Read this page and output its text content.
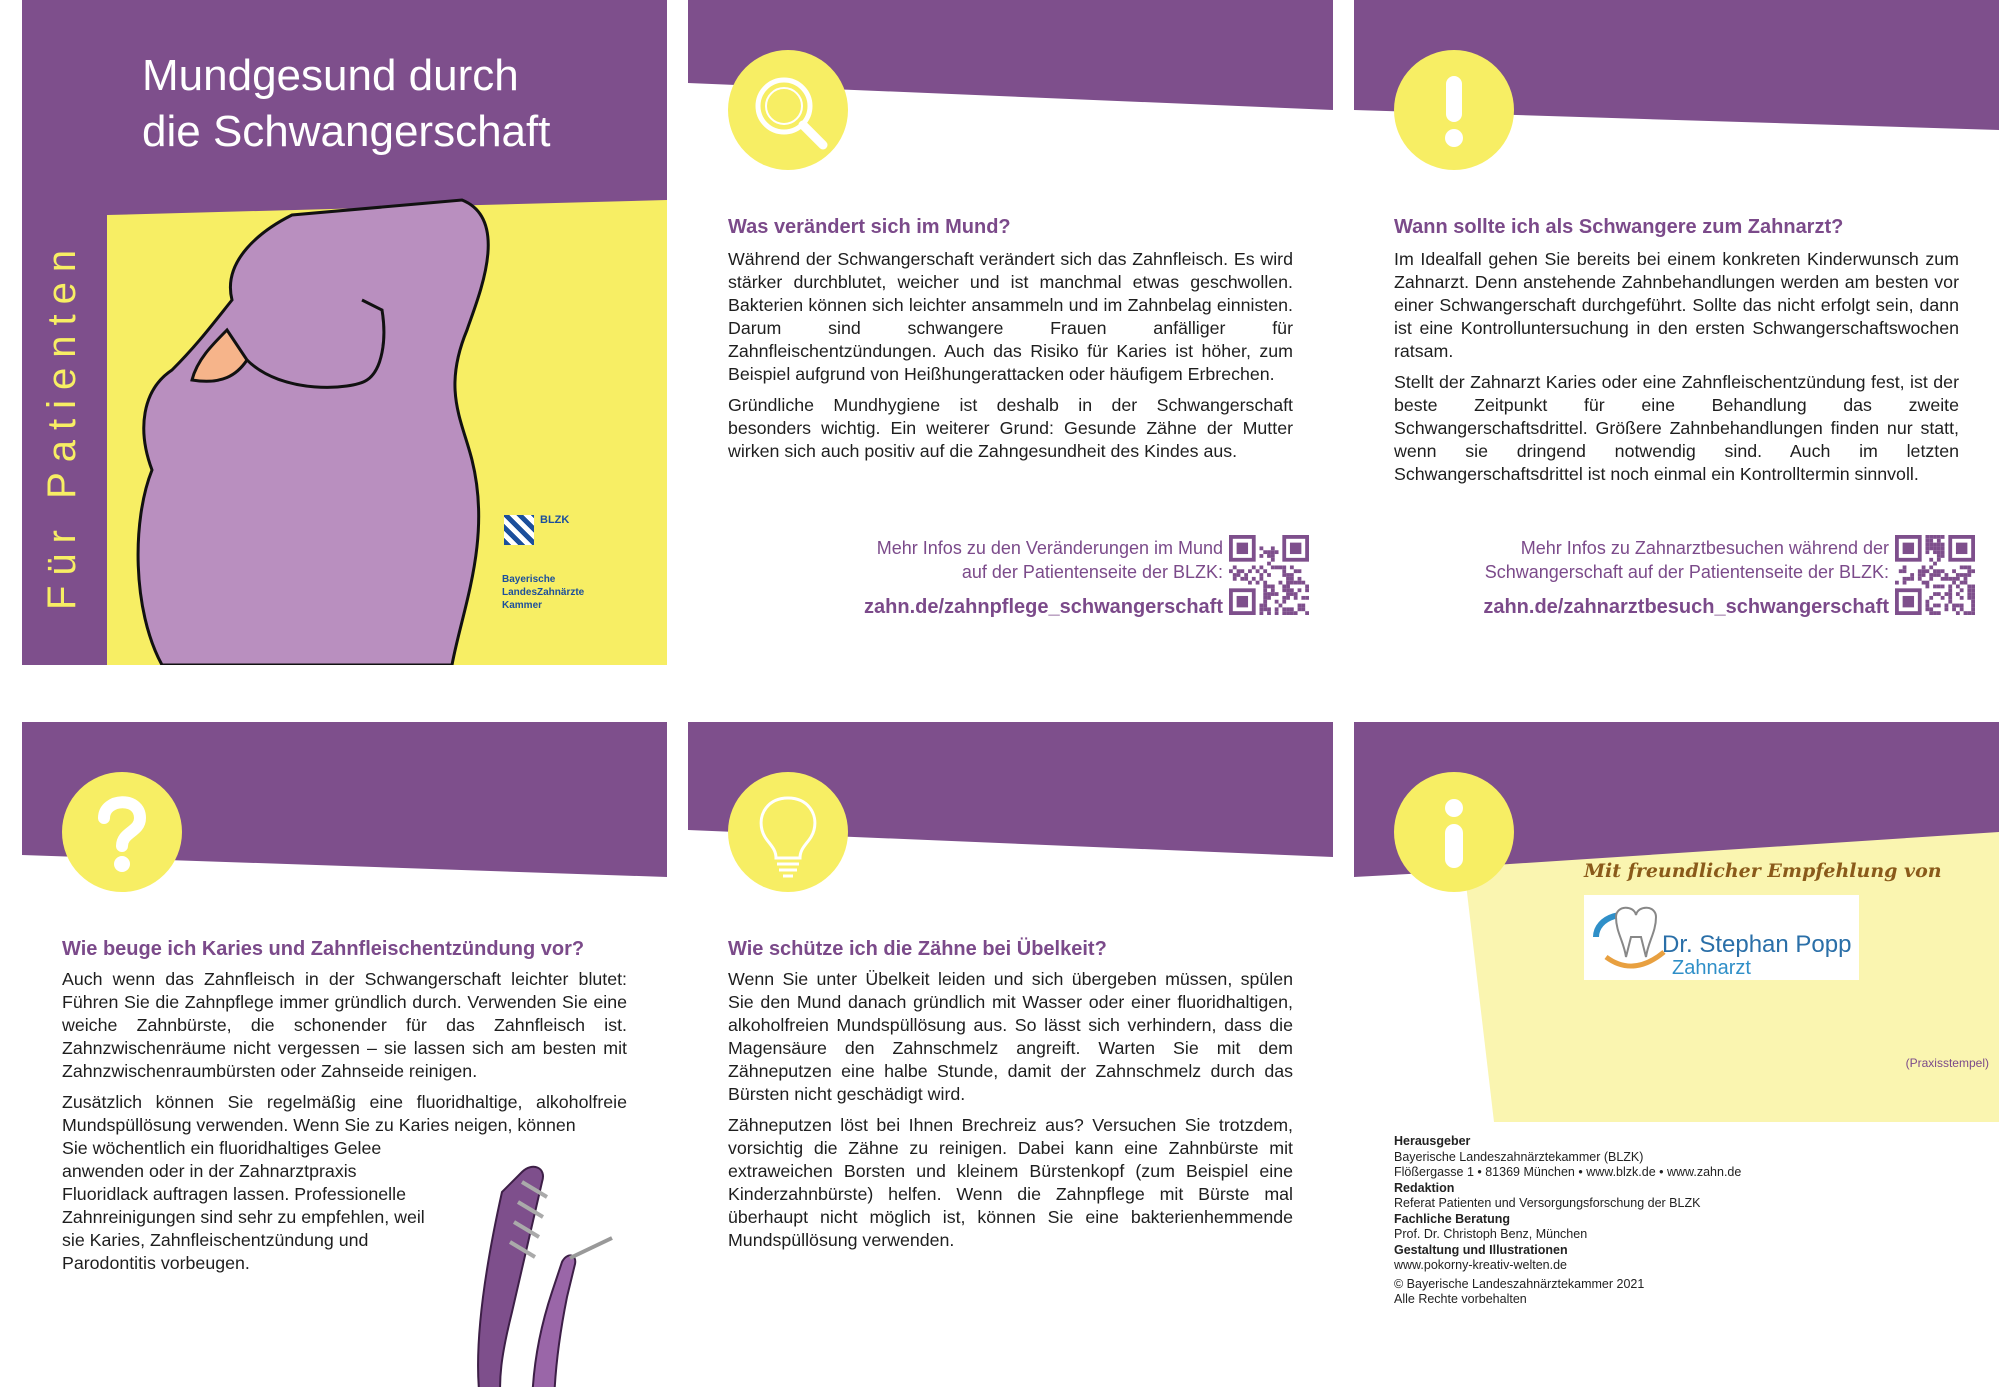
Mundgesund durch
die Schwangerschaft
Für Patienten	BLZK
Bayerische
LandesZahnärzte
Kammer
Was verändert sich im Mund?

Während der Schwangerschaft verändert sich das Zahnfleisch. Es wird stärker durchblutet, weicher und ist manchmal etwas geschwollen. Bakterien können sich leichter ansammeln und im Zahnbelag einnisten. Darum sind schwangere Frauen anfälliger für Zahnfleischentzündungen. Auch das Risiko für Karies ist höher, zum Beispiel aufgrund von Heißhungerattacken oder häufigem Erbrechen.

Gründliche Mundhygiene ist deshalb in der Schwangerschaft besonders wichtig. Ein weiterer Grund: Gesunde Zähne der Mutter wirken sich auch positiv auf die Zahngesundheit des Kindes aus.

Mehr Infos zu den Veränderungen im Mund
auf der Patientenseite der BLZK:
zahn.de/zahnpflege_schwangerschaft
Wann sollte ich als Schwangere zum Zahnarzt?

Im Idealfall gehen Sie bereits bei einem konkreten Kinderwunsch zum Zahnarzt. Denn anstehende Zahnbehandlungen werden am besten vor einer Schwangerschaft durchgeführt. Sollte das nicht erfolgt sein, dann ist eine Kontrolluntersuchung in den ersten Schwangerschaftswochen ratsam.

Stellt der Zahnarzt Karies oder eine Zahnfleischentzündung fest, ist der beste Zeitpunkt für eine Behandlung das zweite Schwangerschaftsdrittel. Größere Zahnbehandlungen finden nur statt, wenn sie dringend notwendig sind. Auch im letzten Schwangerschaftsdrittel ist noch einmal ein Kontrolltermin sinnvoll.

Mehr Infos zu Zahnarztbesuchen während der
Schwangerschaft auf der Patientenseite der BLZK:
zahn.de/zahnarztbesuch_schwangerschaft
Wie beuge ich Karies und Zahnfleischentzündung vor?

Auch wenn das Zahnfleisch in der Schwangerschaft leichter blutet: Führen Sie die Zahnpflege immer gründlich durch. Verwenden Sie eine weiche Zahnbürste, die schonender für das Zahnfleisch ist. Zahnzwischenräume nicht vergessen – sie lassen sich am besten mit Zahnzwischenraumbürsten oder Zahnseide reinigen.

Zusätzlich können Sie regelmäßig eine fluoridhaltige, alkoholfreie Mundspüllösung verwenden. Wenn Sie zu Karies neigen, können

Sie wöchentlich ein fluoridhaltiges Gelee anwenden oder in der Zahnarztpraxis Fluoridlack auftragen lassen. Professionelle Zahnreinigungen sind sehr zu empfehlen, weil sie Karies, Zahnfleischentzündung und Parodontitis vorbeugen.

Wie schütze ich die Zähne bei Übelkeit?

Wenn Sie unter Übelkeit leiden und sich übergeben müssen, spülen Sie den Mund danach gründlich mit Wasser oder einer fluoridhaltigen, alkoholfreien Mundspüllösung aus. So lässt sich verhindern, dass die Magensäure den Zahnschmelz angreift. Warten Sie mit dem Zähneputzen eine halbe Stunde, damit der Zahnschmelz durch das Bürsten nicht geschädigt wird.

Zähneputzen löst bei Ihnen Brechreiz aus? Versuchen Sie trotzdem, vorsichtig die Zähne zu reinigen. Dabei kann eine Zahnbürste mit extraweichen Borsten und kleinem Bürstenkopf (zum Beispiel eine Kinderzahnbürste) helfen. Wenn die Zahnpflege mit Bürste mal überhaupt nicht möglich ist, können Sie eine bakterienhemmende Mundspüllösung verwenden.

Mit freundlicher Empfehlung von
Dr. Stephan Popp
Zahnarzt
(Praxisstempel)
Herausgeber
Bayerische Landeszahnärztekammer (BLZK)
Flößergasse 1 • 81369 München • www.blzk.de • www.zahn.de
Redaktion
Referat Patienten und Versorgungsforschung der BLZK
Fachliche Beratung
Prof. Dr. Christoph Benz, München
Gestaltung und Illustrationen
www.pokorny-kreativ-welten.de
© Bayerische Landeszahnärztekammer 2021
Alle Rechte vorbehalten
